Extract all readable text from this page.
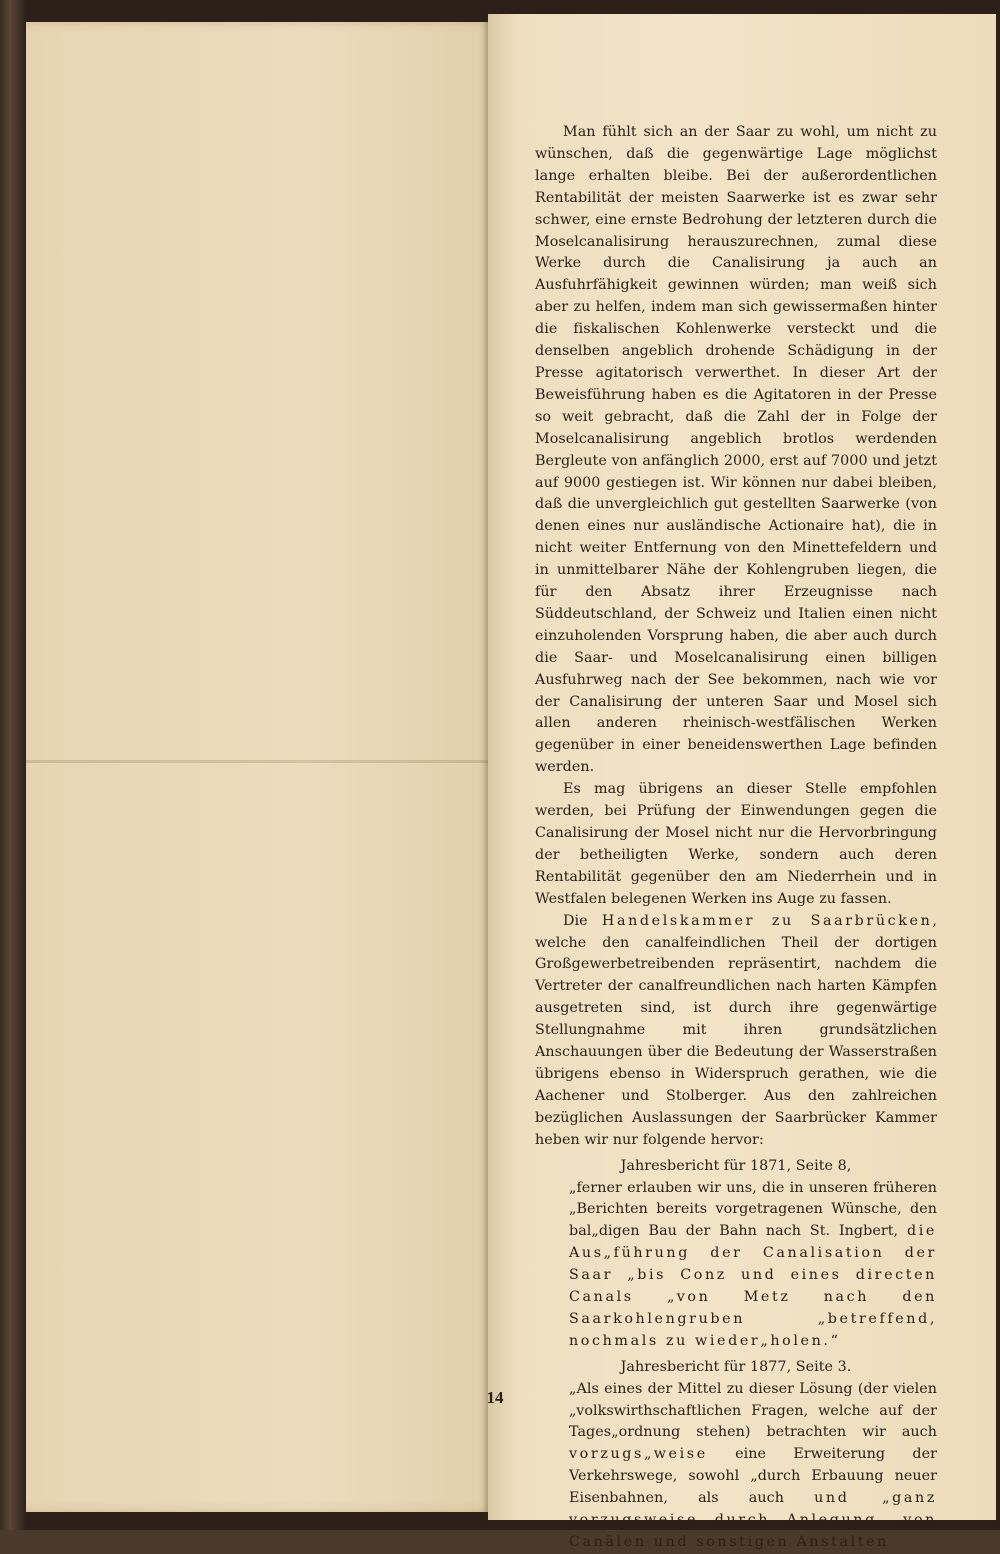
Man fühlt sich an der Saar zu wohl, um nicht zu wünschen, daß die gegenwärtige Lage möglichst lange erhalten bleibe. Bei der außerordentlichen Rentabilität der meisten Saarwerke ist es zwar sehr schwer, eine ernste Bedrohung der letzteren durch die Moselcanalisirung herauszurechnen, zumal diese Werke durch die Canalisirung ja auch an Ausfuhrfähigkeit gewinnen würden; man weiß sich aber zu helfen, indem man sich gewissermaßen hinter die fiskalischen Kohlenwerke versteckt und die denselben angeblich drohende Schädigung in der Presse agitatorisch verwerthet. In dieser Art der Beweisführung haben es die Agitatoren in der Presse so weit gebracht, daß die Zahl der in Folge der Moselcanalisirung angeblich brotlos werdenden Bergleute von anfänglich 2000, erst auf 7000 und jetzt auf 9000 gestiegen ist. Wir können nur dabei bleiben, daß die unvergleichlich gut gestellten Saarwerke (von denen eines nur ausländische Actionaire hat), die in nicht weiter Entfernung von den Minettefeldern und in unmittelbarer Nähe der Kohlengruben liegen, die für den Absatz ihrer Erzeugnisse nach Süddeutschland, der Schweiz und Italien einen nicht einzuholenden Vorsprung haben, die aber auch durch die Saar- und Moselcanalisirung einen billigen Ausfuhrweg nach der See bekommen, nach wie vor der Canalisirung der unteren Saar und Mosel sich allen anderen rheinisch-westfälischen Werken gegenüber in einer beneidenswerthen Lage befinden werden.

Es mag übrigens an dieser Stelle empfohlen werden, bei Prüfung der Einwendungen gegen die Canalisirung der Mosel nicht nur die Hervorbringung der betheiligten Werke, sondern auch deren Rentabilität gegenüber den am Niederrhein und in Westfalen belegenen Werken ins Auge zu fassen.

Die Handelskammer zu Saarbrücken, welche den canalfeindlichen Theil der dortigen Großgewerbetreibenden repräsentirt, nachdem die Vertreter der canalfreundlichen nach harten Kämpfen ausgetreten sind, ist durch ihre gegenwärtige Stellungnahme mit ihren grundsätzlichen Anschauungen über die Bedeutung der Wasserstraßen übrigens ebenso in Widerspruch gerathen, wie die Aachener und Stolberger. Aus den zahlreichen bezüglichen Auslassungen der Saarbrücker Kammer heben wir nur folgende hervor:

Jahresbericht für 1871, Seite 8,

„ferner erlauben wir uns, die in unseren früheren „Berichten bereits vorgetragenen Wünsche, den bal„digen Bau der Bahn nach St. Ingbert, die Aus„führung der Canalisation der Saar „bis Conz und eines directen Canals „von Metz nach den Saarkohlengruben „betreffend, nochmals zu wieder„holen.“

Jahresbericht für 1877, Seite 3.

„Als eines der Mittel zu dieser Lösung (der vielen „volkswirthschaftlichen Fragen, welche auf der Tages„ordnung stehen) betrachten wir auch vorzugs„weise eine Erweiterung der Verkehrswege, sowohl „durch Erbauung neuer Eisenbahnen, als auch und „ganz vorzugsweise durch Anlegung „von Canälen und sonstigen Anstalten

14
